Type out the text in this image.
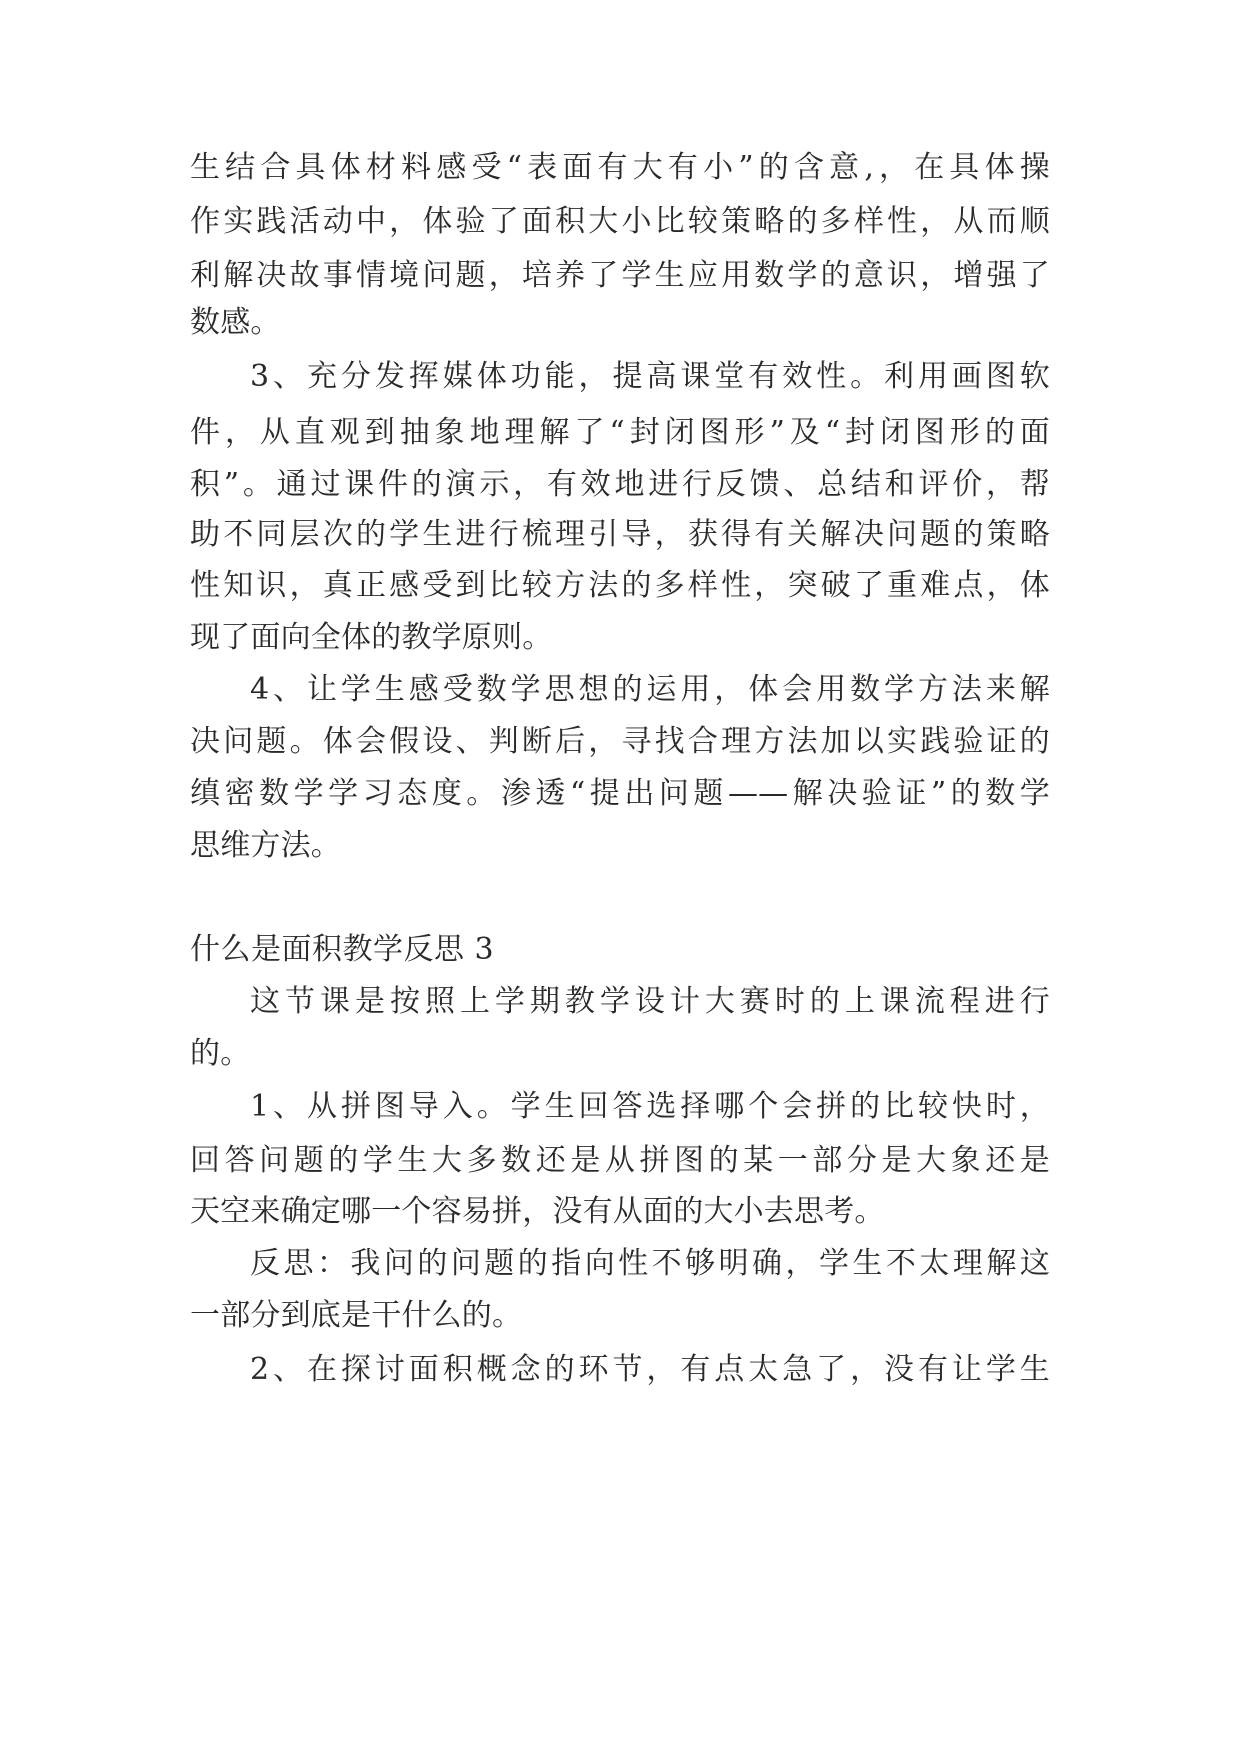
生结合具体材料感受“表面有大有小”的含意,，在具体操
作实践活动中，体验了面积大小比较策略的多样性，从而顺
利解决故事情境问题，培养了学生应用数学的意识，增强了
数感。
3、充分发挥媒体功能，提高课堂有效性。利用画图软
件，从直观到抽象地理解了“封闭图形”及“封闭图形的面
积”。通过课件的演示，有效地进行反馈、总结和评价，帮
助不同层次的学生进行梳理引导，获得有关解决问题的策略
性知识，真正感受到比较方法的多样性，突破了重难点，体
现了面向全体的教学原则。
4、让学生感受数学思想的运用，体会用数学方法来解
决问题。体会假设、判断后，寻找合理方法加以实践验证的
缜密数学学习态度。渗透“提出问题——解决验证”的数学
思维方法。
什么是面积教学反思 3
这节课是按照上学期教学设计大赛时的上课流程进行
的。
1、从拼图导入。学生回答选择哪个会拼的比较快时，
回答问题的学生大多数还是从拼图的某一部分是大象还是
天空来确定哪一个容易拼，没有从面的大小去思考。
反思：我问的问题的指向性不够明确，学生不太理解这
一部分到底是干什么的。
2、在探讨面积概念的环节，有点太急了，没有让学生
